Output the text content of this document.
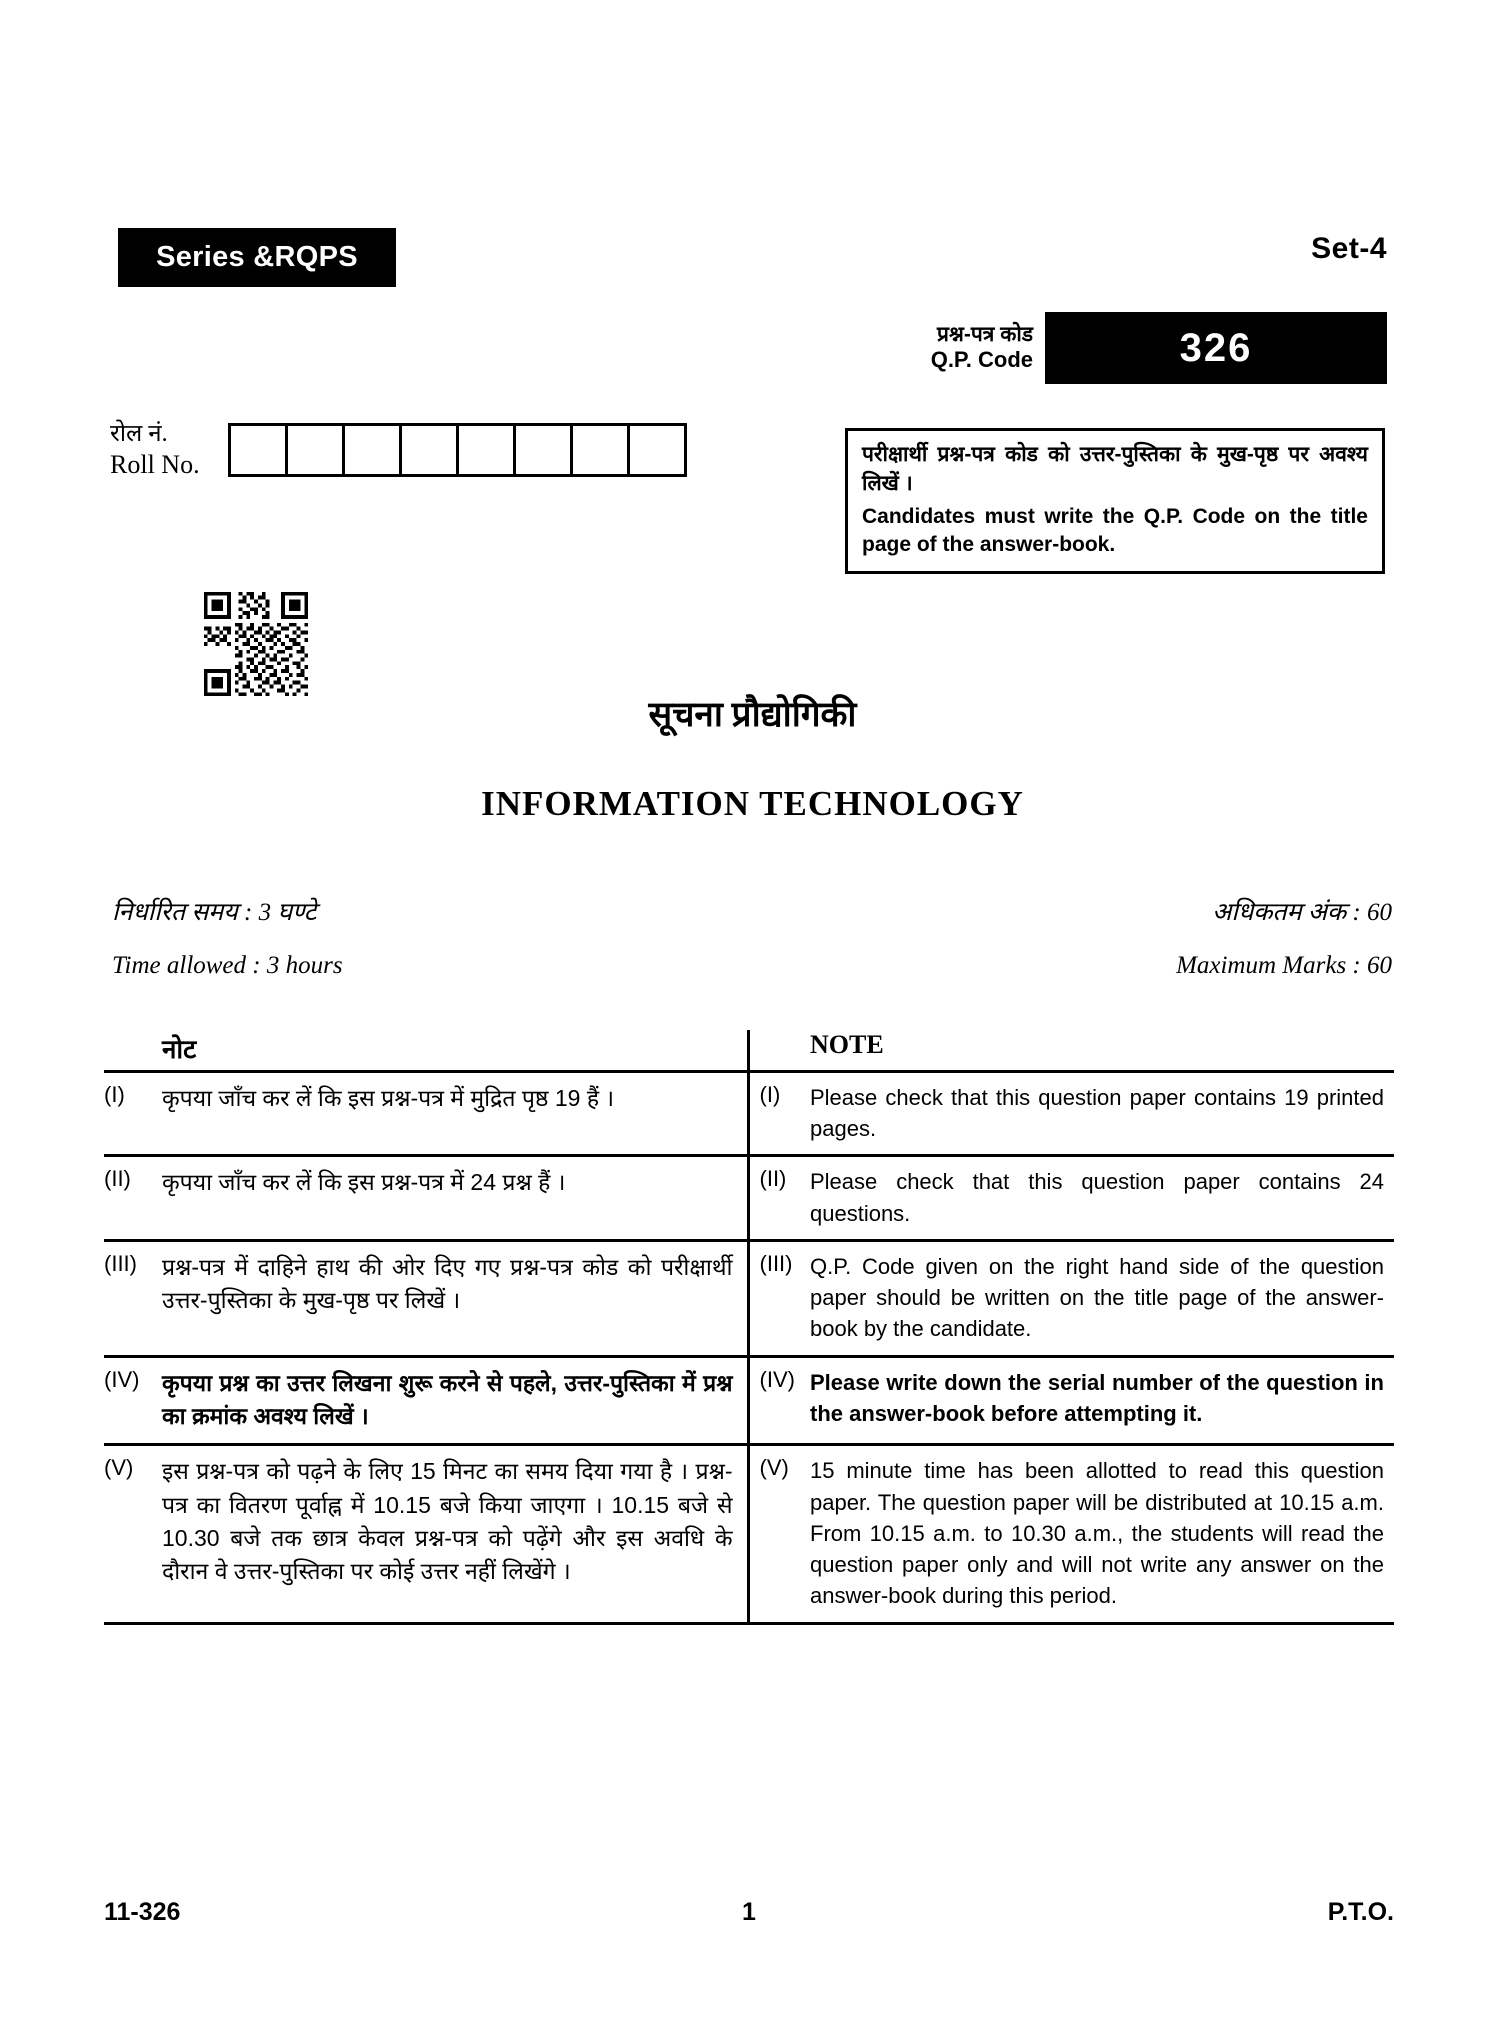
Series &RQPS	Set-4
प्रश्न-पत्र कोड
Q.P. Code	326
रोल नं.
Roll No.	परीक्षार्थी प्रश्न-पत्र कोड को उत्तर-पुस्तिका के मुख-पृष्ठ पर अवश्य लिखें ।
Candidates must write the Q.P. Code on the title page of the answer-book.
सूचना प्रौद्योगिकी
INFORMATION TECHNOLOGY
निर्धारित समय : 3 घण्टे	अधिकतम अंक : 60
Time allowed : 3 hours	Maximum Marks : 60
	नोट		NOTE
(I)	कृपया जाँच कर लें कि इस प्रश्न-पत्र में मुद्रित पृष्ठ 19 हैं ।	(I)	Please check that this question paper contains 19 printed pages.
(II)	कृपया जाँच कर लें कि इस प्रश्न-पत्र में 24 प्रश्न हैं ।	(II)	Please check that this question paper contains 24 questions.
(III)	प्रश्न-पत्र में दाहिने हाथ की ओर दिए गए प्रश्न-पत्र कोड को परीक्षार्थी उत्तर-पुस्तिका के मुख-पृष्ठ पर लिखें ।	(III)	Q.P. Code given on the right hand side of the question paper should be written on the title page of the answer-book by the candidate.
(IV)	कृपया प्रश्न का उत्तर लिखना शुरू करने से पहले, उत्तर-पुस्तिका में प्रश्न का क्रमांक अवश्य लिखें ।	(IV)	Please write down the serial number of the question in the answer-book before attempting it.
(V)	इस प्रश्न-पत्र को पढ़ने के लिए 15 मिनट का समय दिया गया है । प्रश्न-पत्र का वितरण पूर्वाह्न में 10.15 बजे किया जाएगा । 10.15 बजे से 10.30 बजे तक छात्र केवल प्रश्न-पत्र को पढ़ेंगे और इस अवधि के दौरान वे उत्तर-पुस्तिका पर कोई उत्तर नहीं लिखेंगे ।	(V)	15 minute time has been allotted to read this question paper. The question paper will be distributed at 10.15 a.m. From 10.15 a.m. to 10.30 a.m., the students will read the question paper only and will not write any answer on the answer-book during this period.
11-326	1	P.T.O.
